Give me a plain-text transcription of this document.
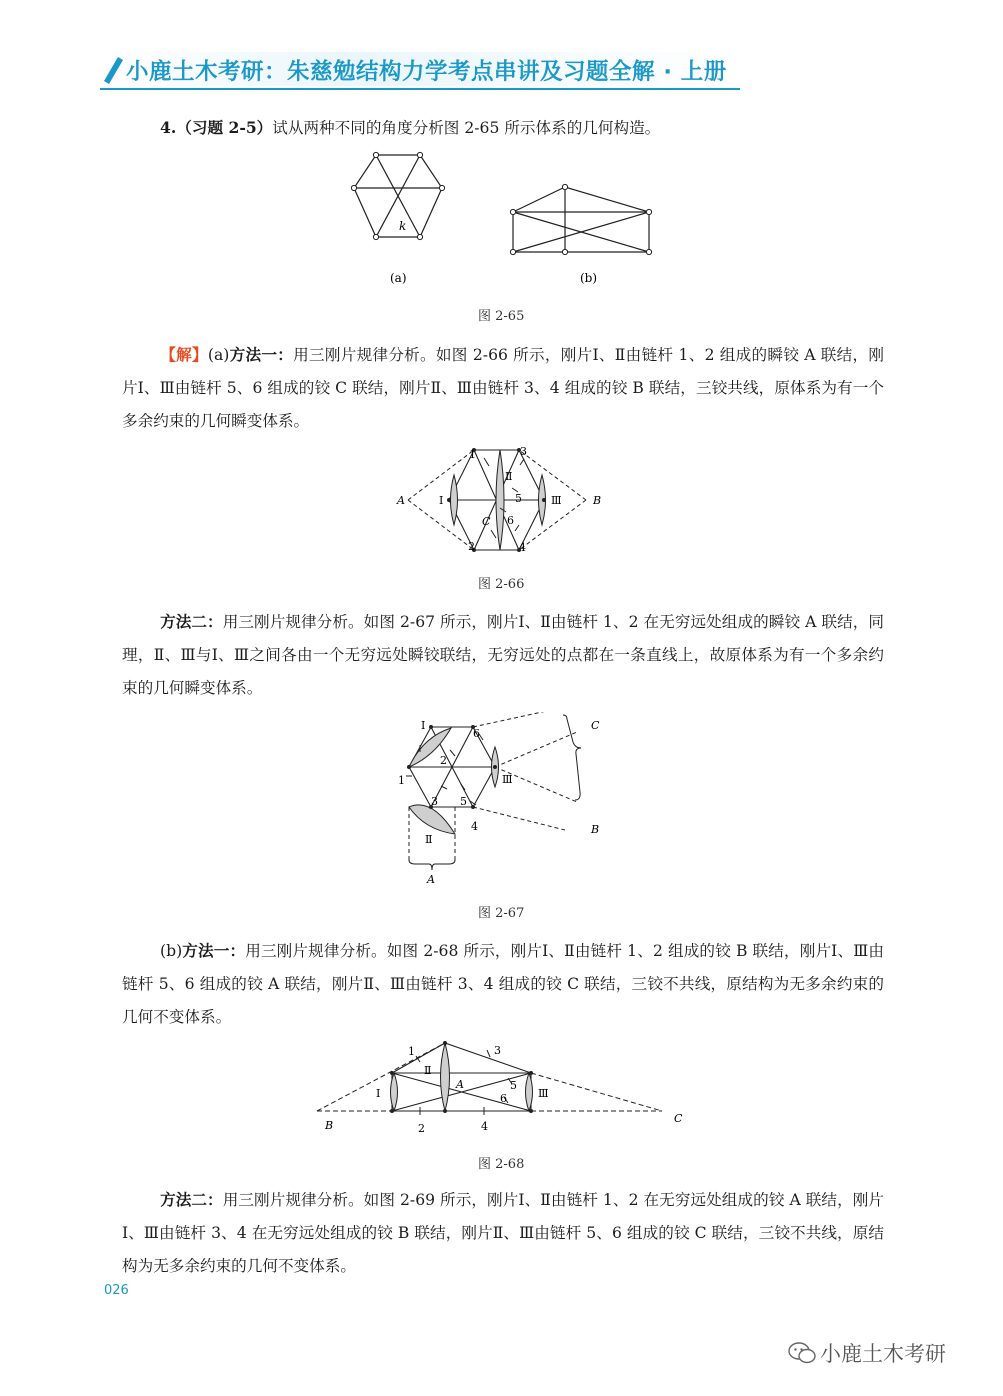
小鹿土木考研：朱慈勉结构力学考点串讲及习题全解 · 上册
4.（习题 2-5）试从两种不同的角度分析图 2-65 所示体系的几何构造。
k
(a)	(b)
图 2-65
【解】(a)方法一：用三刚片规律分析。如图 2-66 所示，刚片Ⅰ、Ⅱ由链杆 1、2 组成的瞬铰 A 联结，刚片Ⅰ、Ⅲ由链杆 5、6 组成的铰 C 联结，刚片Ⅱ、Ⅲ由链杆 3、4 组成的铰 B 联结，三铰共线，原体系为有一个多余约束的几何瞬变体系。
1
2
3
4
5
6
A	B
C
Ⅰ
Ⅱ
Ⅲ
图 2-66
方法二：用三刚片规律分析。如图 2-67 所示，刚片Ⅰ、Ⅱ由链杆 1、2 在无穷远处组成的瞬铰 A 联结，同理，Ⅱ、Ⅲ与Ⅰ、Ⅲ之间各由一个无穷远处瞬铰联结，无穷远处的点都在一条直线上，故原体系为有一个多余约束的几何瞬变体系。
1
2
3
4
5
6
A
B
C
Ⅰ
Ⅱ
Ⅲ
图 2-67
(b)方法一：用三刚片规律分析。如图 2-68 所示，刚片Ⅰ、Ⅱ由链杆 1、2 组成的铰 B 联结，刚片Ⅰ、Ⅲ由链杆 5、6 组成的铰 A 联结，刚片Ⅱ、Ⅲ由链杆 3、4 组成的铰 C 联结，三铰不共线，原结构为无多余约束的几何不变体系。
1
2
3
4
5
6
A
B
C
Ⅰ
Ⅱ
Ⅲ
图 2-68
方法二：用三刚片规律分析。如图 2-69 所示，刚片Ⅰ、Ⅱ由链杆 1、2 在无穷远处组成的铰 A 联结，刚片Ⅰ、Ⅲ由链杆 3、4 在无穷远处组成的铰 B 联结，刚片Ⅱ、Ⅲ由链杆 5、6 组成的铰 C 联结，三铰不共线，原结构为无多余约束的几何不变体系。
026
小鹿土木考研
